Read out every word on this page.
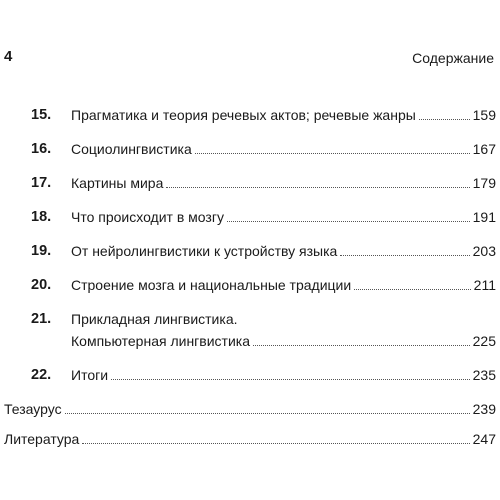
4	Содержание
15.	Прагматика и теория речевых актов; речевые жанры	159
16.	Социолингвистика	167
17.	Картины мира	179
18.	Что происходит в мозгу	191
19.	От нейролингвистики к устройству языка	203
20.	Строение мозга и национальные традиции	211
21.	Прикладная лингвистика.
Компьютерная лингвистика	225
22.	Итоги	235
Тезаурус	239
Литература	247
